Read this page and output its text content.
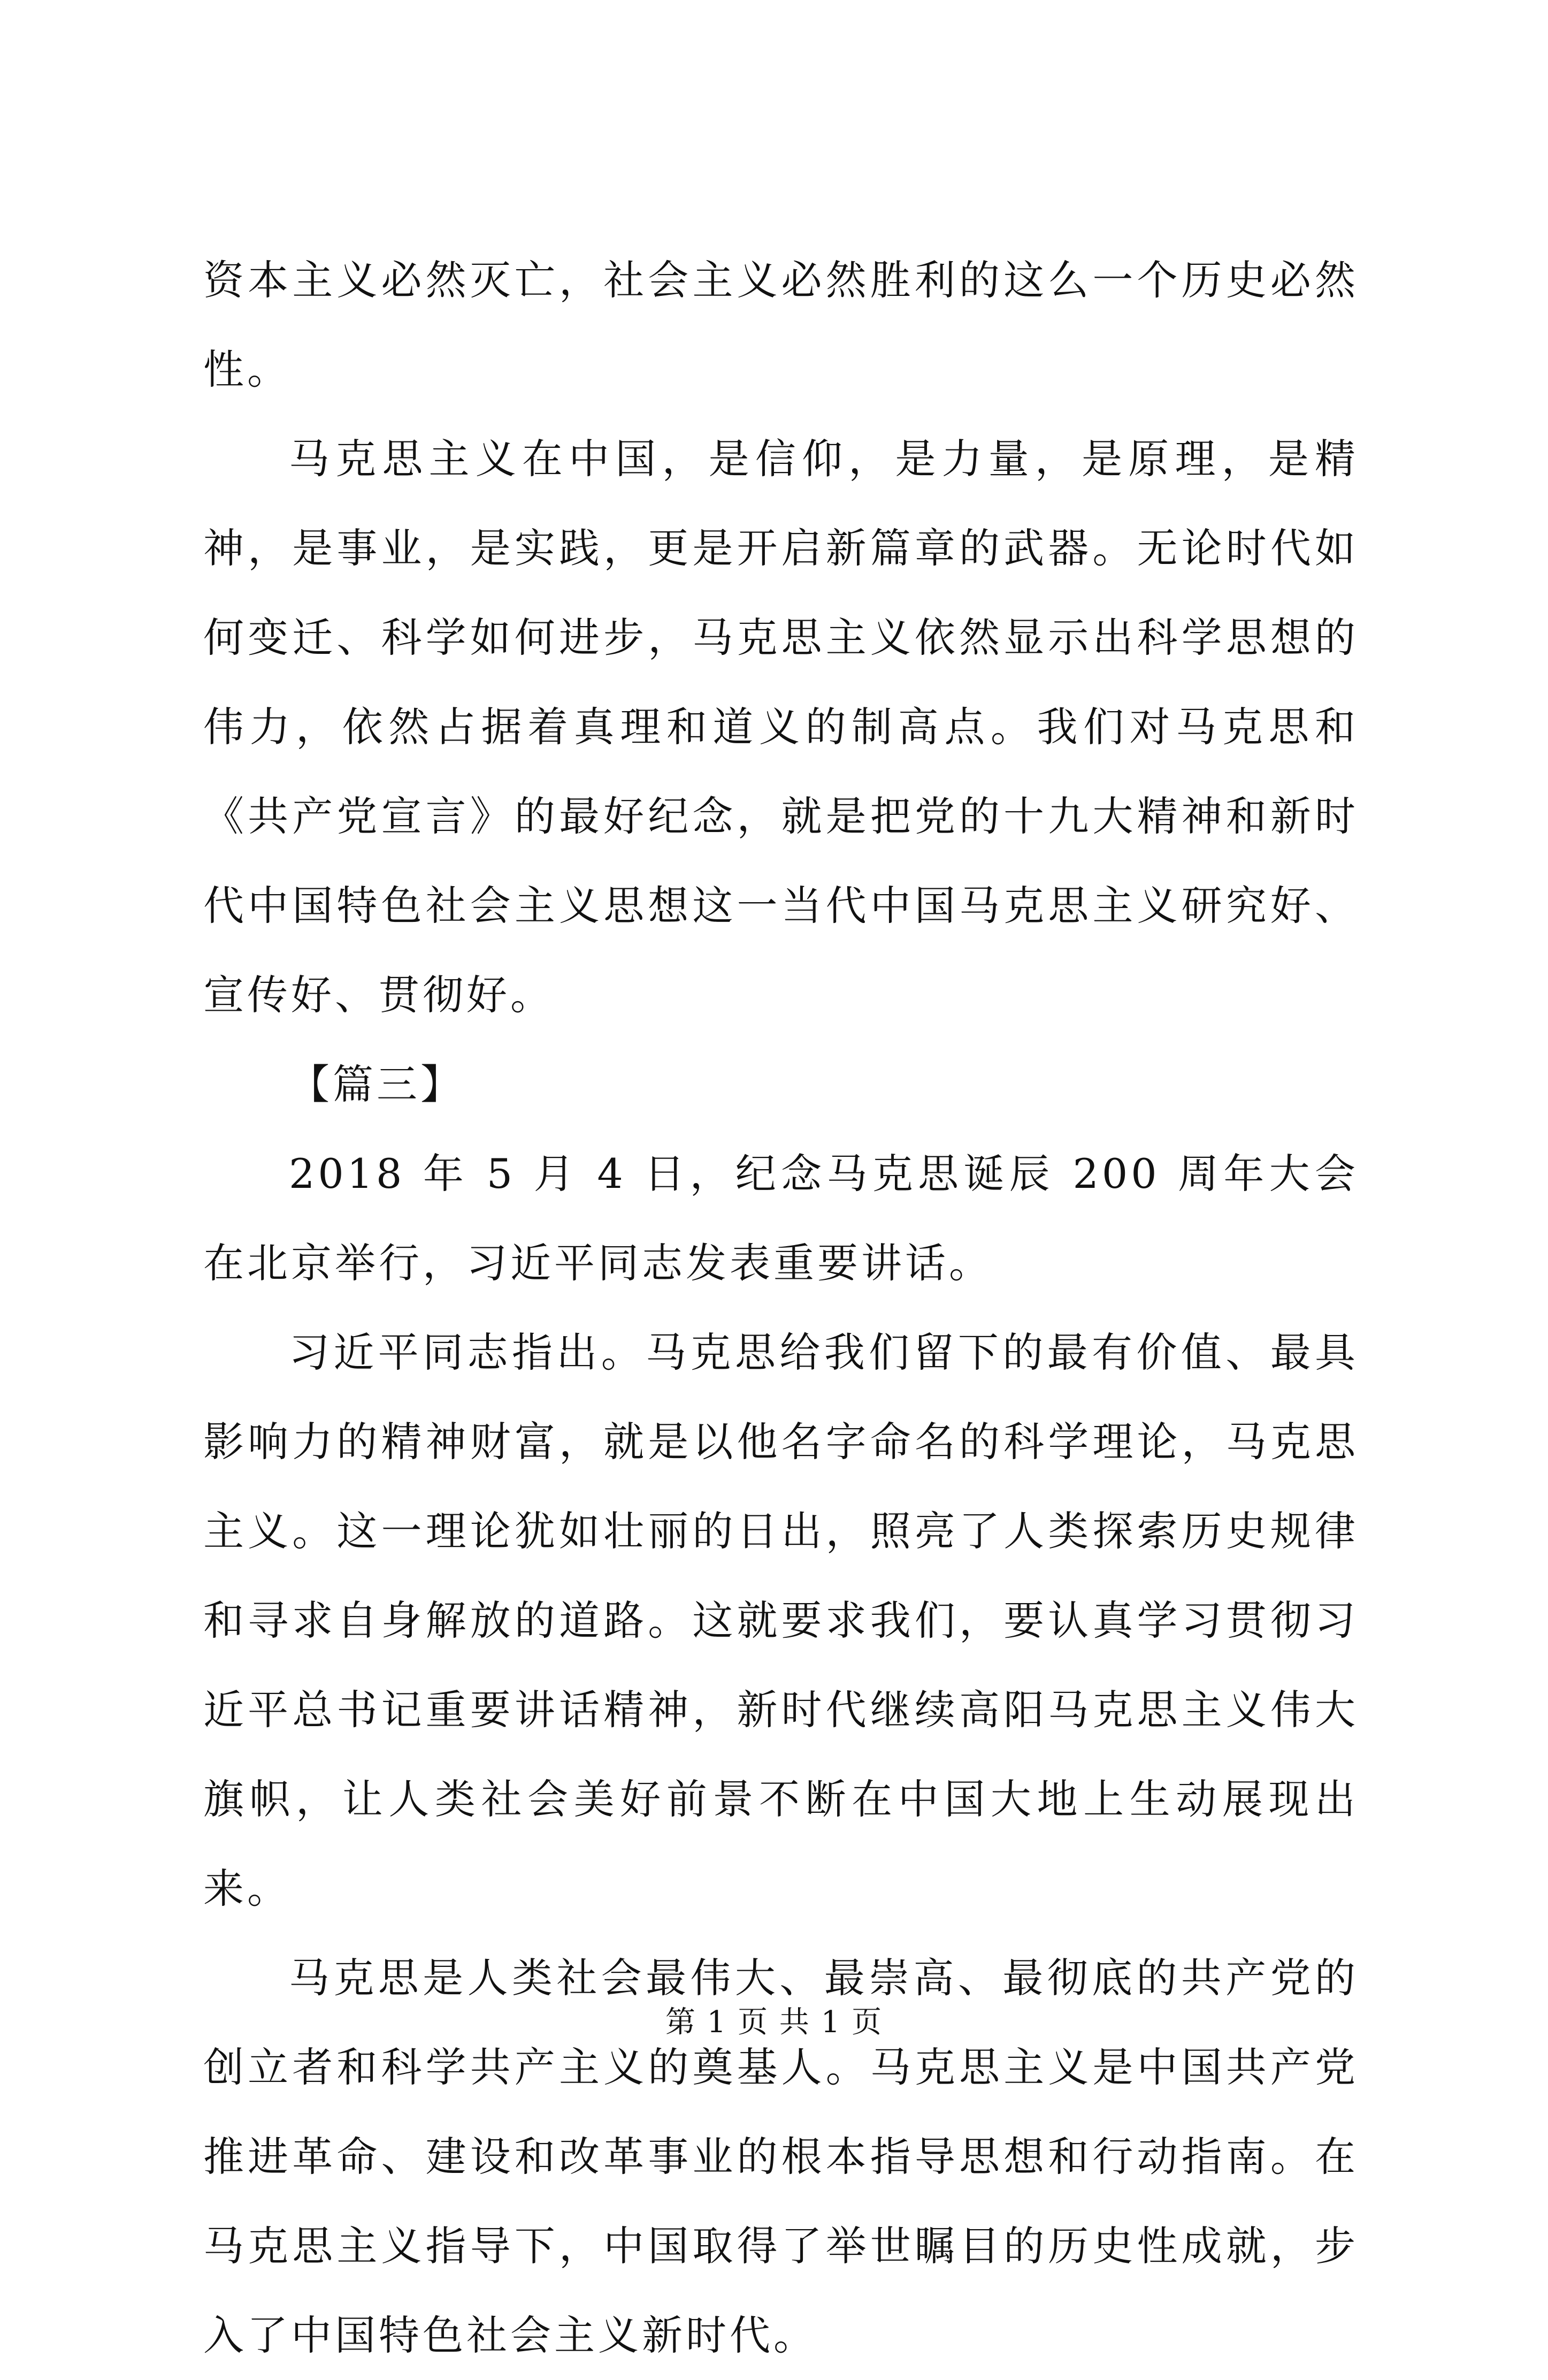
资本主义必然灭亡，社会主义必然胜利的这么一个历史必然性。

马克思主义在中国，是信仰，是力量，是原理，是精神，是事业，是实践，更是开启新篇章的武器。无论时代如何变迁、科学如何进步，马克思主义依然显示出科学思想的伟力，依然占据着真理和道义的制高点。我们对马克思和《共产党宣言》的最好纪念，就是把党的十九大精神和新时代中国特色社会主义思想这一当代中国马克思主义研究好、宣传好、贯彻好。

【篇三】

2018 年 5 月 4 日，纪念马克思诞辰 200 周年大会在北京举行，习近平同志发表重要讲话。

习近平同志指出。马克思给我们留下的最有价值、最具影响力的精神财富，就是以他名字命名的科学理论，马克思主义。这一理论犹如壮丽的日出，照亮了人类探索历史规律和寻求自身解放的道路。这就要求我们，要认真学习贯彻习近平总书记重要讲话精神，新时代继续高阳马克思主义伟大旗帜，让人类社会美好前景不断在中国大地上生动展现出来。

马克思是人类社会最伟大、最崇高、最彻底的共产党的创立者和科学共产主义的奠基人。马克思主义是中国共产党推进革命、建设和改革事业的根本指导思想和行动指南。在马克思主义指导下，中国取得了举世瞩目的历史性成就，步入了中国特色社会主义新时代。

第 1 页 共 1 页
